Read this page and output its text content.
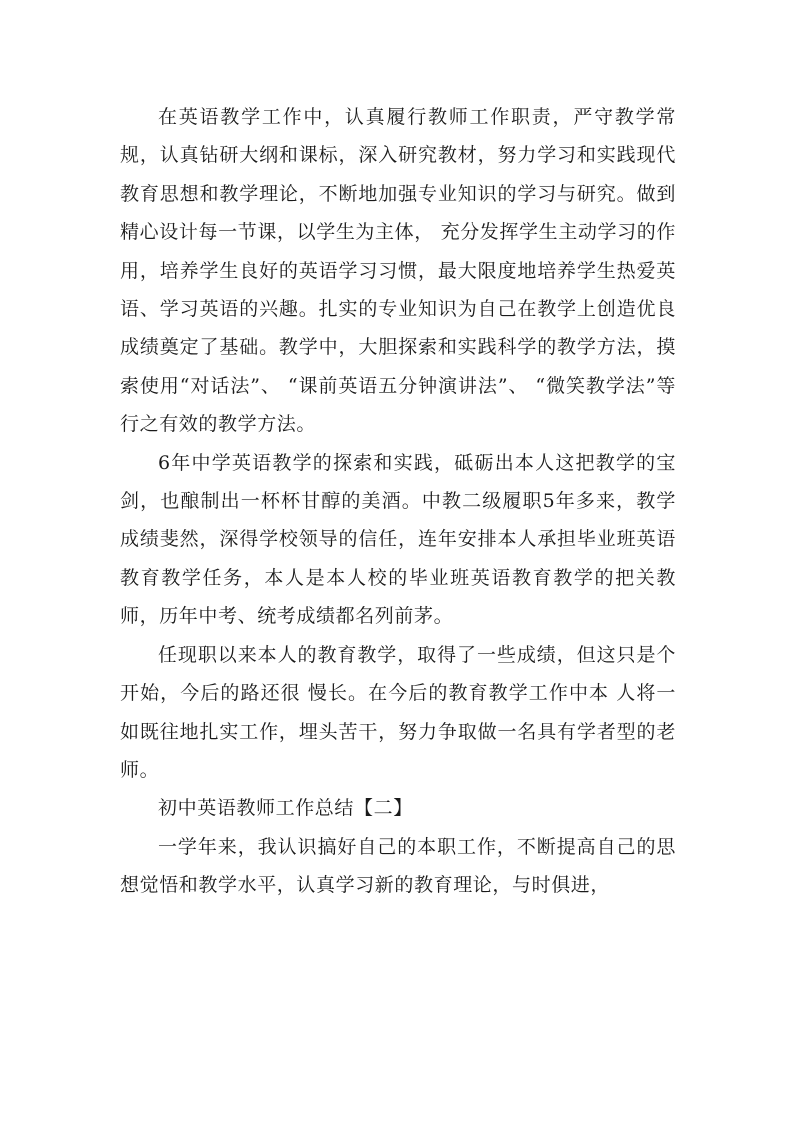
在英语教学工作中，认真履行教师工作职责，严守教学常 规，认真钻研大纲和课标，深入研究教材，努力学习和实践现代教育思想和教学理论，不断地加强专业知识的学习与研究。做到精心设计每一节课，以学生为主体， 充分发挥学生主动学习的作用，培养学生良好的英语学习习惯，最大限度地培养学生热爱英语、学习英语的兴趣。扎实的专业知识为自己在教学上创造优良成绩奠定了基础。教学中，大胆探索和实践科学的教学方法，摸索使用“对话法”、 “课前英语五分钟演讲法”、 “微笑教学法”等行之有效的教学方法。

6年中学英语教学的探索和实践，砥砺出本人这把教学的宝剑，也酿制出一杯杯甘醇的美酒。中教二级履职5年多来，教学成绩斐然，深得学校领导的信任，连年安排本人承担毕业班英语教育教学任务，本人是本人校的毕业班英语教育教学的把关教师，历年中考、统考成绩都名列前茅。

任现职以来本人的教育教学，取得了一些成绩，但这只是个开始，今后的路还很 慢长。在今后的教育教学工作中本 人将一如既往地扎实工作，埋头苦干，努力争取做一名具有学者型的老师。

初中英语教师工作总结【二】

一学年来，我认识搞好自己的本职工作，不断提高自己的思想觉悟和教学水平，认真学习新的教育理论，与时俱进，
